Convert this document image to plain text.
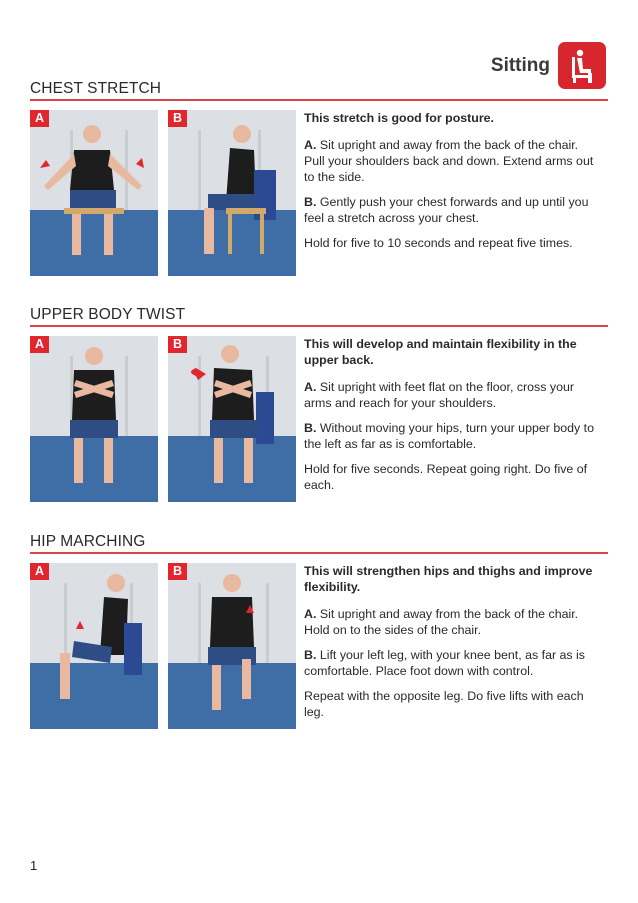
Sitting
CHEST STRETCH
A	B	This stretch is good for posture.

A. Sit upright and away from the back of the chair. Pull your shoulders back and down. Extend arms out to the side.

B. Gently push your chest forwards and up until you feel a stretch across your chest.

Hold for five to 10 seconds and repeat five times.

UPPER BODY TWIST
A	B	This will develop and maintain flexibility in the upper back.

A. Sit upright with feet flat on the floor, cross your arms and reach for your shoulders.

B. Without moving your hips, turn your upper body to the left as far as is comfortable.

Hold for five seconds. Repeat going right. Do five of each.

HIP MARCHING
A	B	This will strengthen hips and thighs and improve flexibility.

A. Sit upright and away from the back of the chair. Hold on to the sides of the chair.

B. Lift your left leg, with your knee bent, as far as is comfortable. Place foot down with control.

Repeat with the opposite leg. Do five lifts with each leg.

1
